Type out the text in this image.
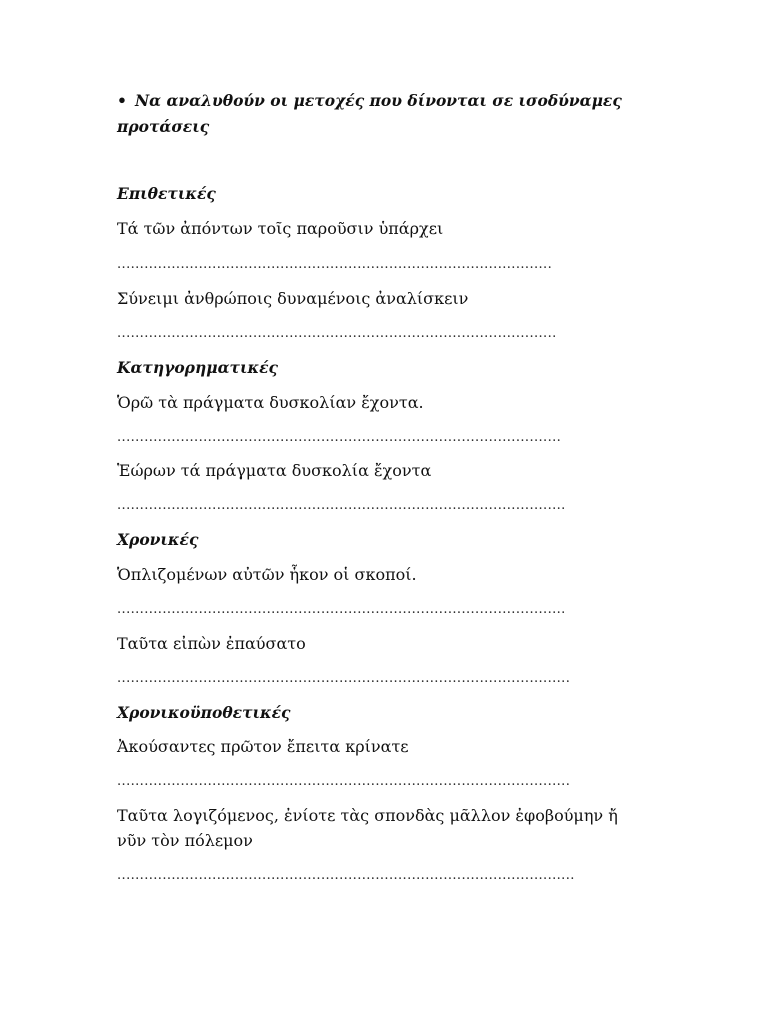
• Να αναλυθούν οι μετοχές που δίνονται σε ισοδύναμες
προτάσεις
Επιθετικές
Τά τῶν ἀπόντων τοῖς παροῦσιν ὑπάρχει
................................................................................................
Σύνειμι ἀνθρώποις δυναμένοις ἀναλίσκειν
.................................................................................................
Κατηγορηματικές
Ὁρῶ τὰ πράγματα δυσκολίαν ἔχοντα.
..................................................................................................
Ἑώρων τά πράγματα δυσκολία ἔχοντα
...................................................................................................
Χρονικές
Ὁπλιζομένων αὐτῶν ἧκον οἱ σκοποί.
...................................................................................................
Ταῦτα εἰπὼν ἐπαύσατο
....................................................................................................
Χρονικοϋποθετικές
Ἀκούσαντες πρῶτον ἔπειτα κρίνατε
....................................................................................................
Ταῦτα λογιζόμενος, ἐνίοτε τὰς σπονδὰς μᾶλλον ἐφοβούμην ἤ
νῦν τὸν πόλεμον
.....................................................................................................
